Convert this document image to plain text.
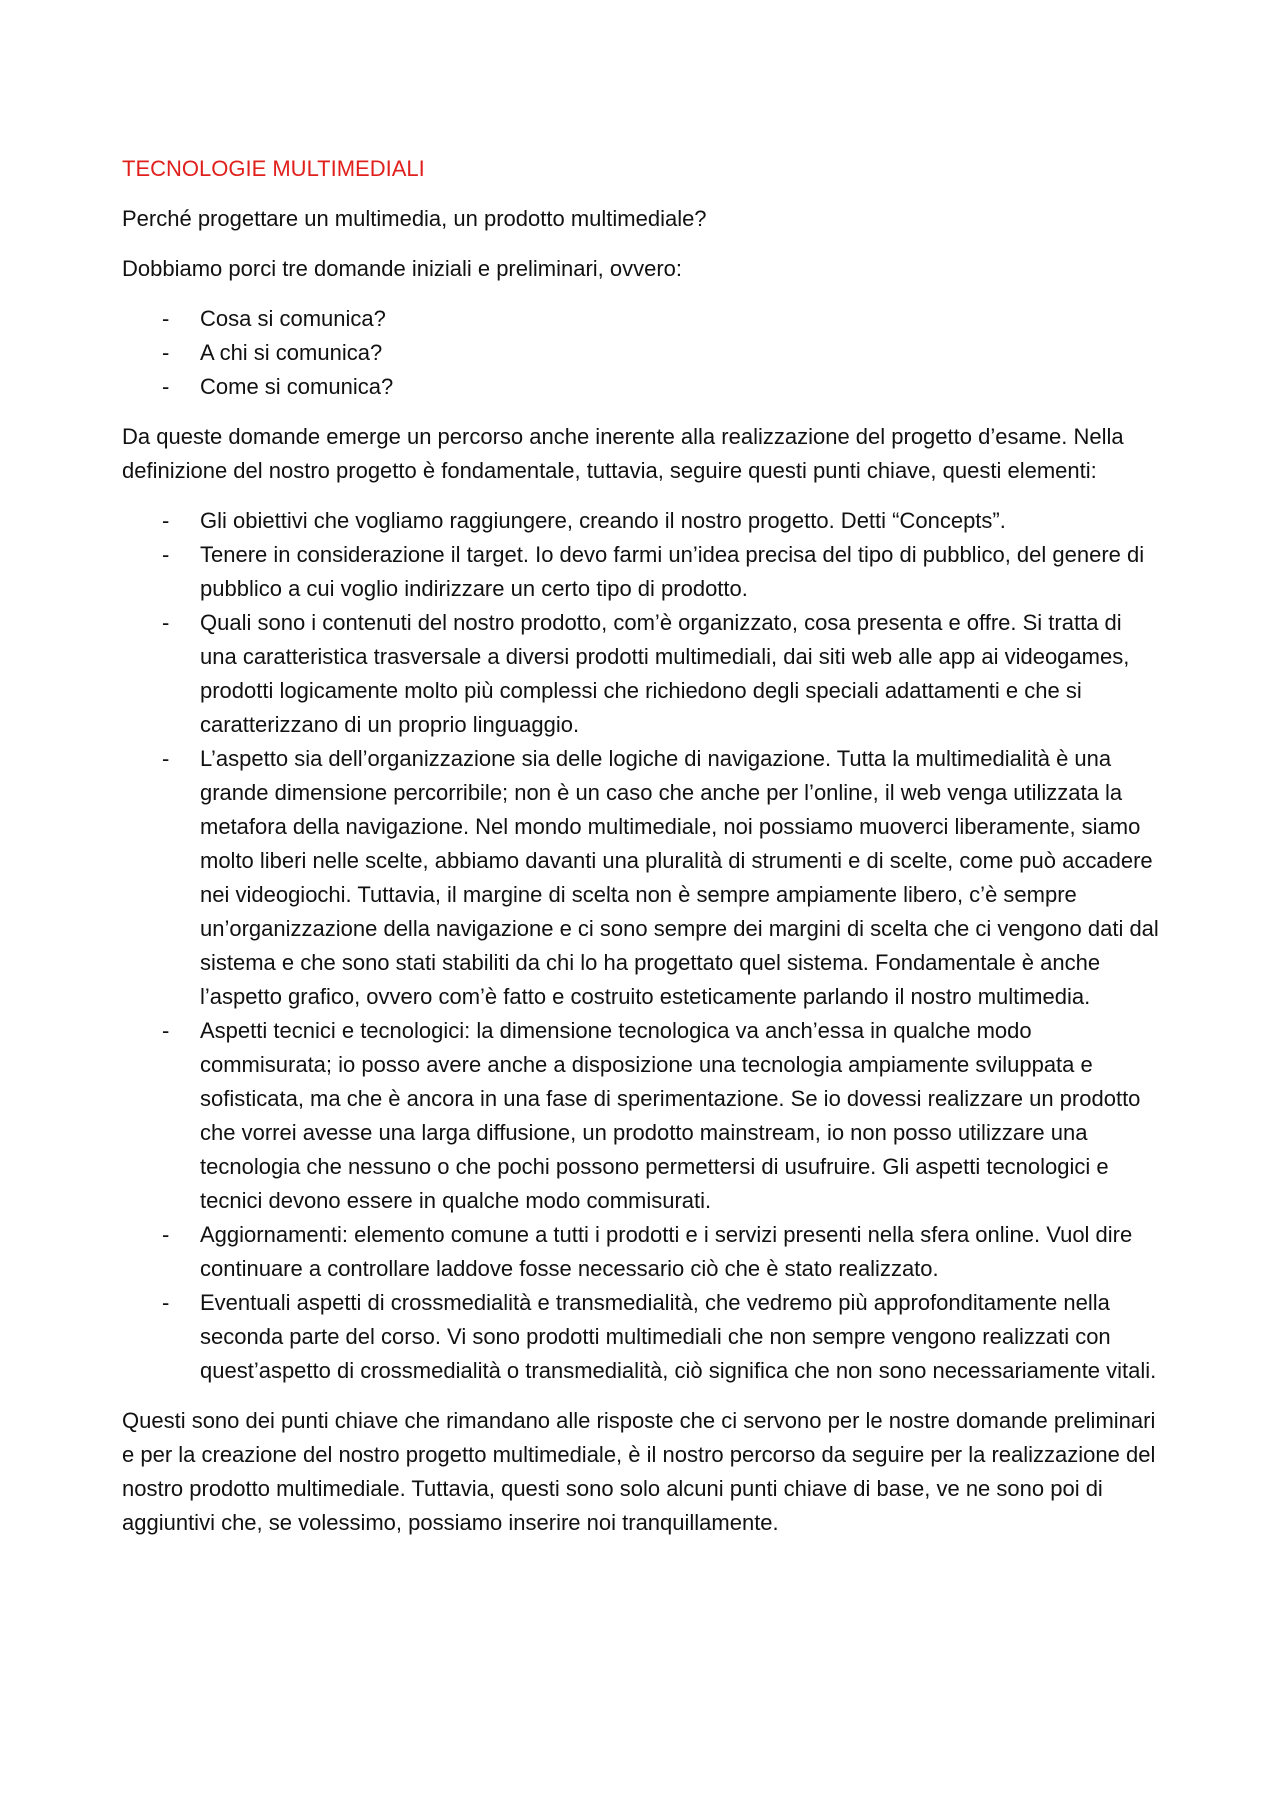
TECNOLOGIE MULTIMEDIALI

Perché progettare un multimedia, un prodotto multimediale?

Dobbiamo porci tre domande iniziali e preliminari, ovvero:

- Cosa si comunica?
- A chi si comunica?
- Come si comunica?

Da queste domande emerge un percorso anche inerente alla realizzazione del progetto d’esame. Nella definizione del nostro progetto è fondamentale, tuttavia, seguire questi punti chiave, questi elementi:

- Gli obiettivi che vogliamo raggiungere, creando il nostro progetto. Detti “Concepts”.
- Tenere in considerazione il target. Io devo farmi un’idea precisa del tipo di pubblico, del genere di pubblico a cui voglio indirizzare un certo tipo di prodotto.
- Quali sono i contenuti del nostro prodotto, com’è organizzato, cosa presenta e offre. Si tratta di una caratteristica trasversale a diversi prodotti multimediali, dai siti web alle app ai videogames, prodotti logicamente molto più complessi che richiedono degli speciali adattamenti e che si caratterizzano di un proprio linguaggio.
- L’aspetto sia dell’organizzazione sia delle logiche di navigazione. Tutta la multimedialità è una grande dimensione percorribile; non è un caso che anche per l’online, il web venga utilizzata la metafora della navigazione. Nel mondo multimediale, noi possiamo muoverci liberamente, siamo molto liberi nelle scelte, abbiamo davanti una pluralità di strumenti e di scelte, come può accadere nei videogiochi. Tuttavia, il margine di scelta non è sempre ampiamente libero, c’è sempre un’organizzazione della navigazione e ci sono sempre dei margini di scelta che ci vengono dati dal sistema e che sono stati stabiliti da chi lo ha progettato quel sistema. Fondamentale è anche l’aspetto grafico, ovvero com’è fatto e costruito esteticamente parlando il nostro multimedia.
- Aspetti tecnici e tecnologici: la dimensione tecnologica va anch’essa in qualche modo commisurata; io posso avere anche a disposizione una tecnologia ampiamente sviluppata e sofisticata, ma che è ancora in una fase di sperimentazione. Se io dovessi realizzare un prodotto che vorrei avesse una larga diffusione, un prodotto mainstream, io non posso utilizzare una tecnologia che nessuno o che pochi possono permettersi di usufruire. Gli aspetti tecnologici e tecnici devono essere in qualche modo commisurati.
- Aggiornamenti: elemento comune a tutti i prodotti e i servizi presenti nella sfera online. Vuol dire continuare a controllare laddove fosse necessario ciò che è stato realizzato.
- Eventuali aspetti di crossmedialità e transmedialità, che vedremo più approfonditamente nella seconda parte del corso. Vi sono prodotti multimediali che non sempre vengono realizzati con quest’aspetto di crossmedialità o transmedialità, ciò significa che non sono necessariamente vitali.

Questi sono dei punti chiave che rimandano alle risposte che ci servono per le nostre domande preliminari e per la creazione del nostro progetto multimediale, è il nostro percorso da seguire per la realizzazione del nostro prodotto multimediale. Tuttavia, questi sono solo alcuni punti chiave di base, ve ne sono poi di aggiuntivi che, se volessimo, possiamo inserire noi tranquillamente.
